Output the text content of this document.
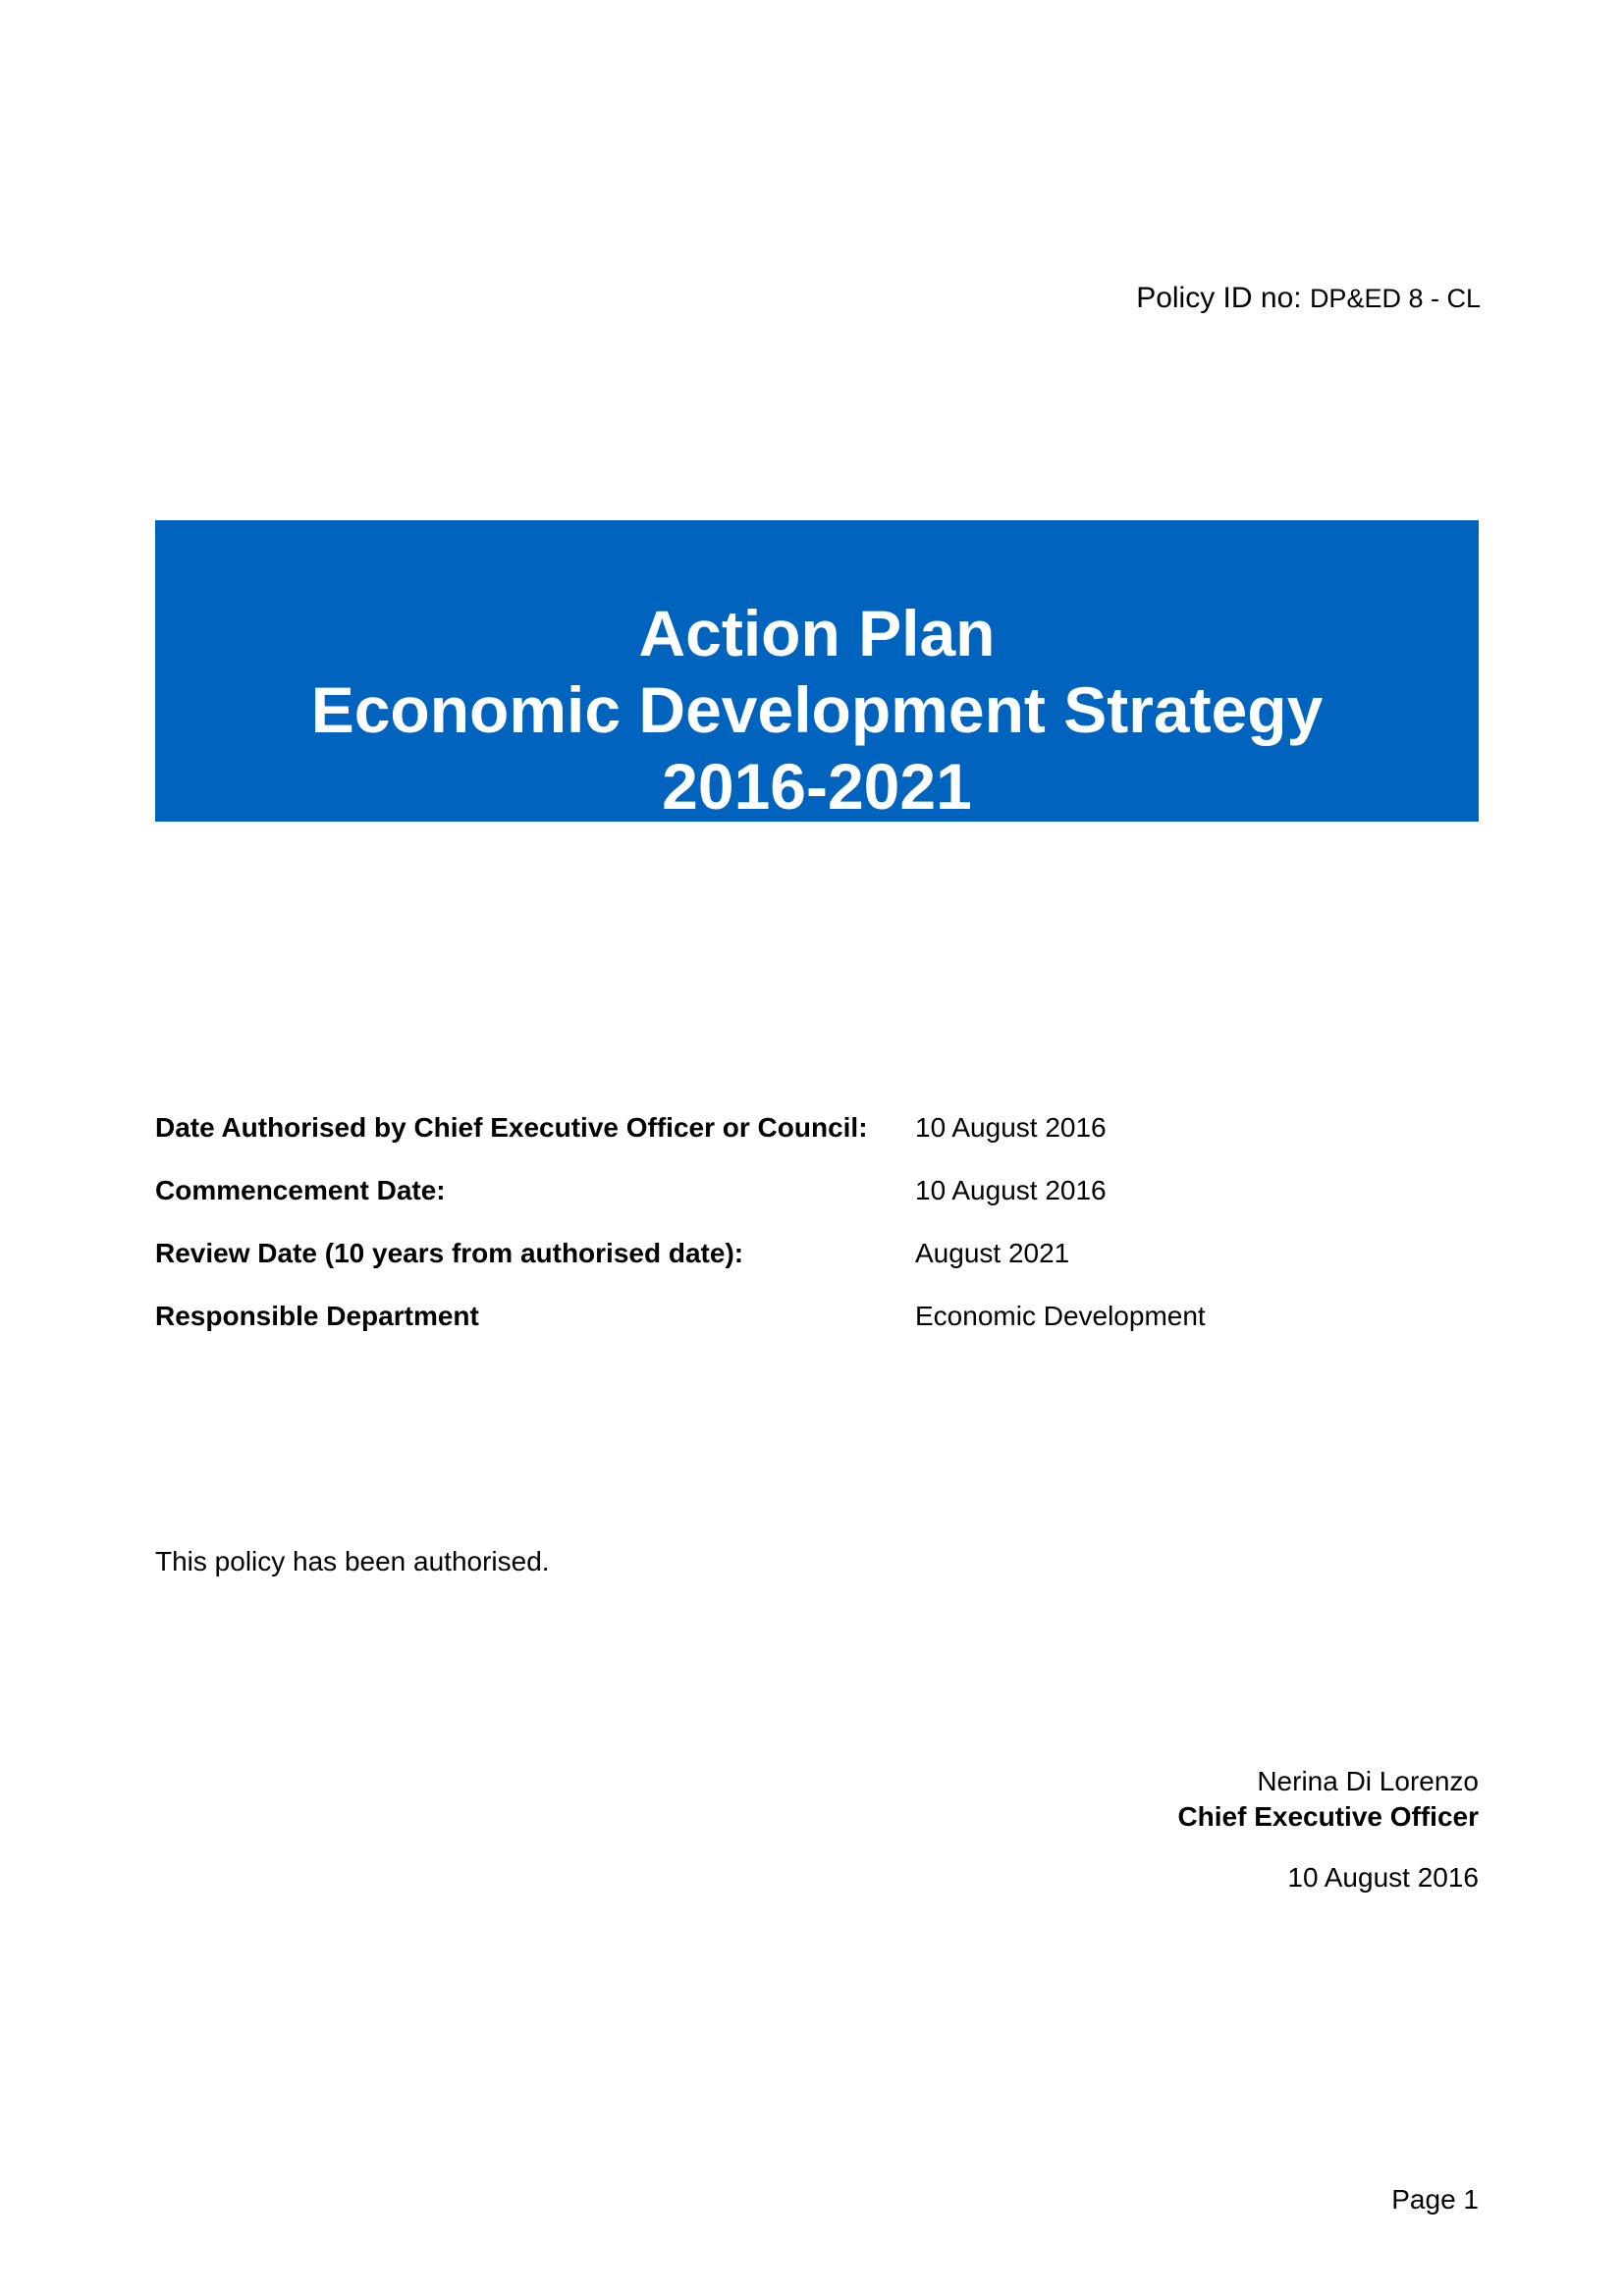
Policy ID no: DP&ED 8 - CL
Action Plan
Economic Development Strategy
2016-2021
Date Authorised by Chief Executive Officer or Council: 10 August 2016
Commencement Date:	10 August 2016
Review Date (10 years from authorised date):	August 2021
Responsible Department	Economic Development
This policy has been authorised.
Nerina Di Lorenzo
Chief Executive Officer
10 August 2016
Page 1
